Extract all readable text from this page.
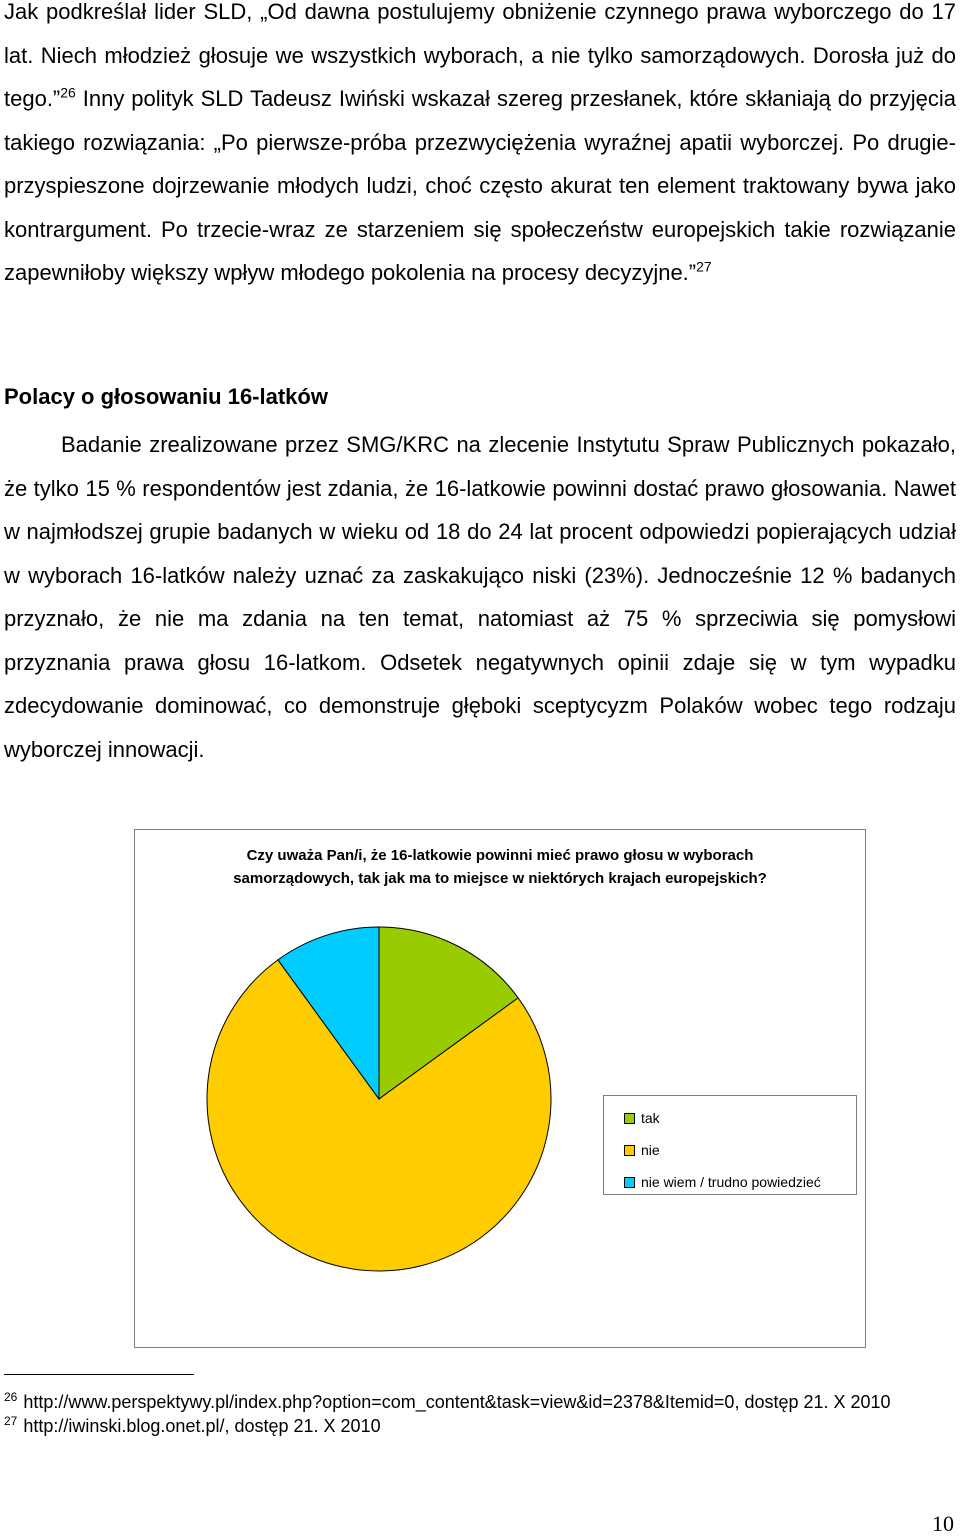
Jak podkreślał lider SLD, „Od dawna postulujemy obniżenie czynnego prawa wyborczego do 17 lat. Niech młodzież głosuje we wszystkich wyborach, a nie tylko samorządowych. Dorosła już do tego.”$^{26}$ Inny polityk SLD Tadeusz Iwiński wskazał szereg przesłanek, które skłaniają do przyjęcia takiego rozwiązania: „Po pierwsze-próba przezwyciężenia wyraźnej apatii wyborczej. Po drugie-przyspieszone dojrzewanie młodych ludzi, choć często akurat ten element traktowany bywa jako kontrargument. Po trzecie-wraz ze starzeniem się społeczeństw europejskich takie rozwiązanie zapewniłoby większy wpływ młodego pokolenia na procesy decyzyjne.”$^{27}$
Polacy o głosowaniu 16-latków
Badanie zrealizowane przez SMG/KRC na zlecenie Instytutu Spraw Publicznych pokazało, że tylko 15 % respondentów jest zdania, że 16-latkowie powinni dostać prawo głosowania. Nawet w najmłodszej grupie badanych w wieku od 18 do 24 lat procent odpowiedzi popierających udział w wyborach 16-latków należy uznać za zaskakująco niski (23%). Jednocześnie 12 % badanych przyznało, że nie ma zdania na ten temat, natomiast aż 75 % sprzeciwia się pomysłowi przyznania prawa głosu 16-latkom. Odsetek negatywnych opinii zdaje się w tym wypadku zdecydowanie dominować, co demonstruje głęboki sceptycyzm Polaków wobec tego rodzaju wyborczej innowacji.
Czy uważa Pan/i, że 16-latkowie powinni mieć prawo głosu w wyborach samorządowych, tak jak ma to miejsce w niektórych krajach europejskich?
tak
nie
nie wiem / trudno powiedzieć
$^{26}$ http://www.perspektywy.pl/index.php?option=com_content&task=view&id=2378&Itemid=0, dostęp 21. X 2010
$^{27}$ http://iwinski.blog.onet.pl/, dostęp 21. X 2010
10
